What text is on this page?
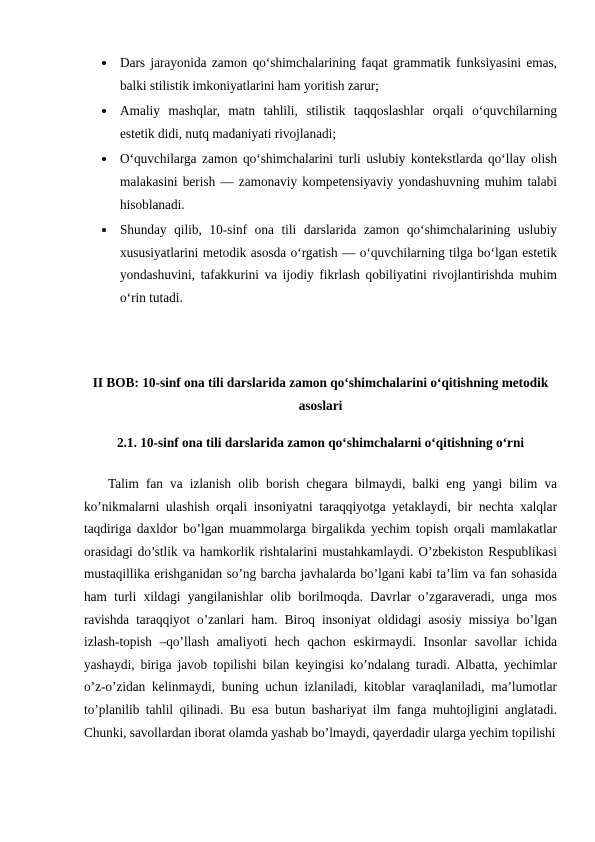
Dars jarayonida zamon qo‘shimchalarining faqat grammatik funksiyasini emas, balki stilistik imkoniyatlarini ham yoritish zarur;
Amaliy mashqlar, matn tahlili, stilistik taqqoslashlar orqali o‘quvchilarning estetik didi, nutq madaniyati rivojlanadi;
O‘quvchilarga zamon qo‘shimchalarini turli uslubiy kontekstlarda qo‘llay olish malakasini berish — zamonaviy kompetensiyaviy yondashuvning muhim talabi hisoblanadi.
Shunday qilib, 10-sinf ona tili darslarida zamon qo‘shimchalarining uslubiy xususiyatlarini metodik asosda o‘rgatish — o‘quvchilarning tilga bo‘lgan estetik yondashuvini, tafakkurini va ijodiy fikrlash qobiliyatini rivojlantirishda muhim o‘rin tutadi.
II BOB: 10-sinf ona tili darslarida zamon qo‘shimchalarini o‘qitishning metodik asoslari
2.1. 10-sinf ona tili darslarida zamon qo‘shimchalarni o‘qitishning o‘rni

Talim fan va izlanish olib borish chegara bilmaydi, balki eng yangi bilim va ko’nikmalarni ulashish orqali insoniyatni taraqqiyotga yetaklaydi, bir nechta xalqlar taqdiriga daxldor bo’lgan muammolarga birgalikda yechim topish orqali mamlakatlar orasidagi do’stlik va hamkorlik rishtalarini mustahkamlaydi. O’zbekiston Respublikasi mustaqillika erishganidan so’ng barcha javhalarda bo’lgani kabi ta’lim va fan sohasida ham turli xildagi yangilanishlar olib borilmoqda. Davrlar o’zgaraveradi, unga mos ravishda taraqqiyot o’zanlari ham. Biroq insoniyat oldidagi asosiy missiya bo’lgan izlash-topish –qo’llash amaliyoti hech qachon eskirmaydi. Insonlar savollar ichida yashaydi, biriga javob topilishi bilan keyingisi ko’ndalang turadi. Albatta, yechimlar o’z-o’zidan kelinmaydi, buning uchun izlaniladi, kitoblar varaqlaniladi, ma’lumotlar to’planilib tahlil qilinadi. Bu esa butun bashariyat ilm fanga muhtojligini anglatadi. Chunki, savollardan iborat olamda yashab bo’lmaydi, qayerdadir ularga yechim topilishi
